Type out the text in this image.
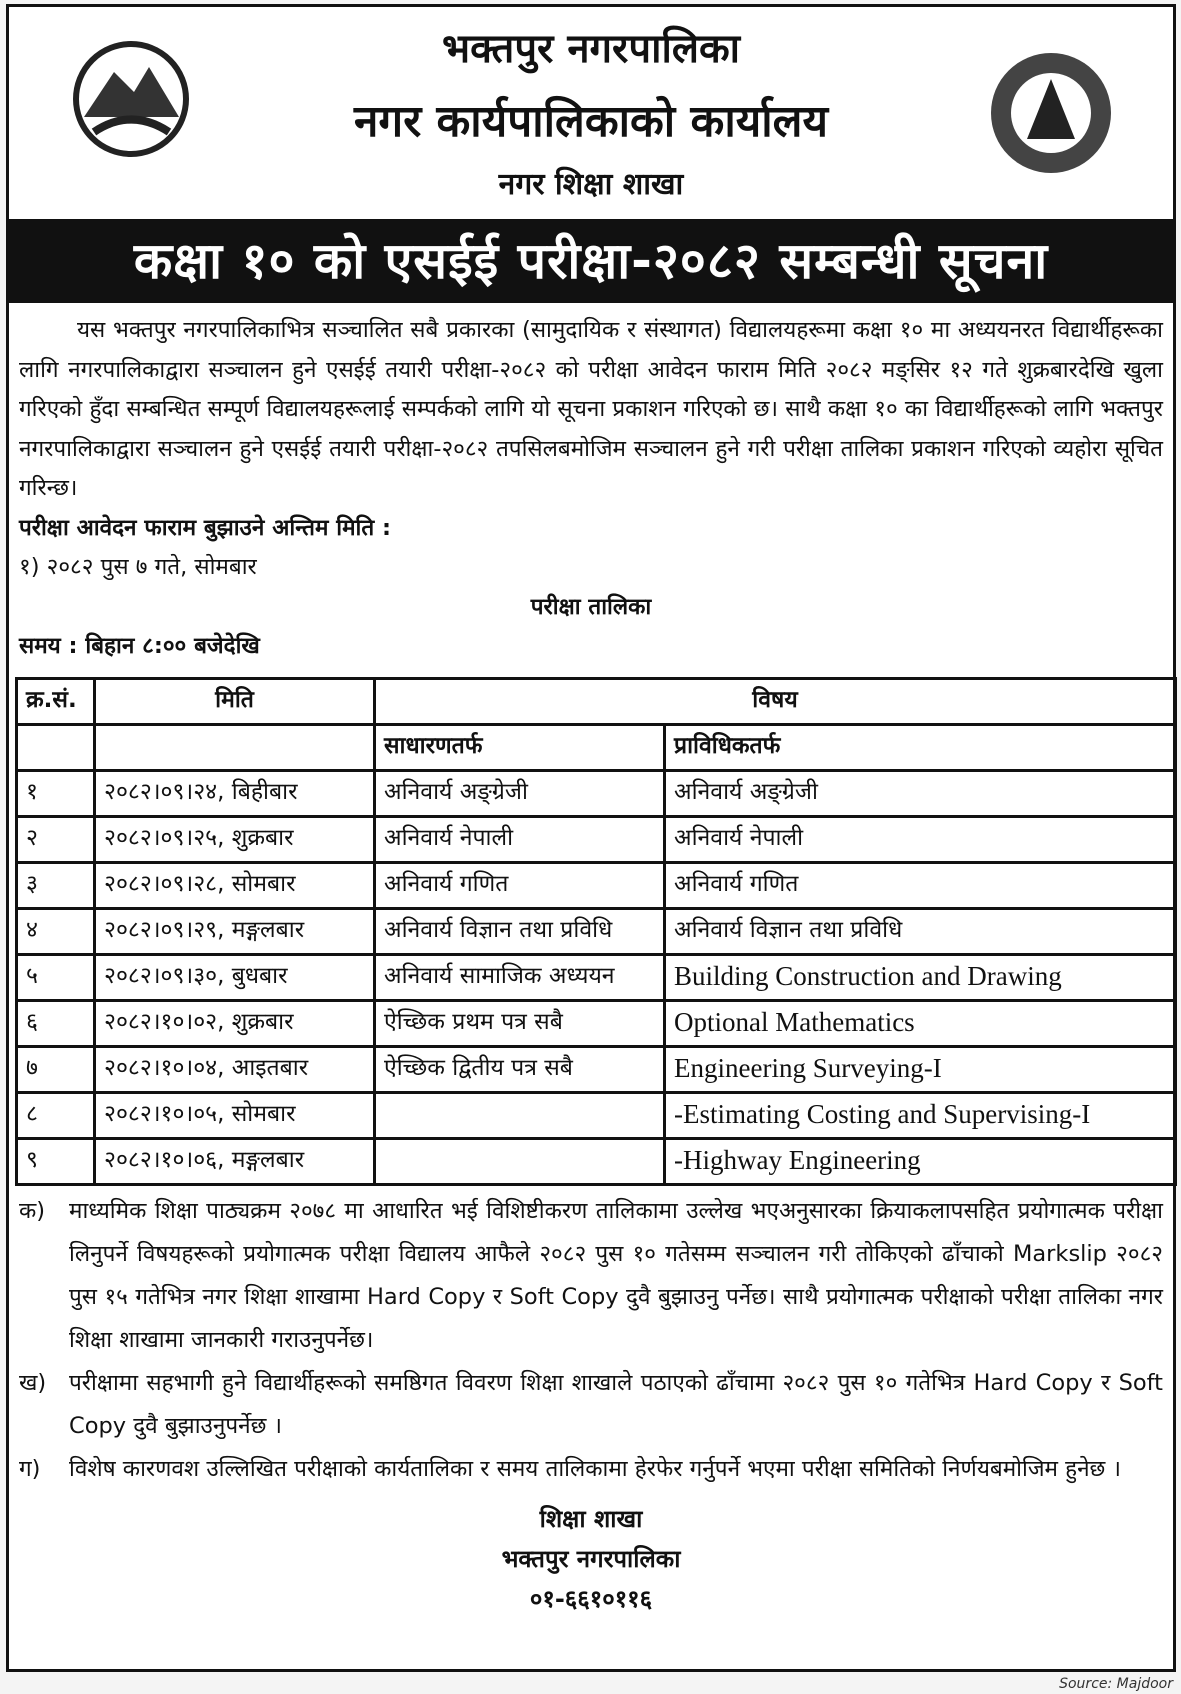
भक्तपुर नगरपालिका
नगर कार्यपालिकाको कार्यालय
नगर शिक्षा शाखा
कक्षा १० को एसईई परीक्षा-२०८२ सम्बन्धी सूचना

यस भक्तपुर नगरपालिकाभित्र सञ्चालित सबै प्रकारका (सामुदायिक र संस्थागत) विद्यालयहरूमा कक्षा १० मा अध्ययनरत विद्यार्थीहरूका लागि नगरपालिकाद्वारा सञ्चालन हुने एसईई तयारी परीक्षा-२०८२ को परीक्षा आवेदन फाराम मिति २०८२ मङ्सिर १२ गते शुक्रबारदेखि खुला गरिएको हुँदा सम्बन्धित सम्पूर्ण विद्यालयहरूलाई सम्पर्कको लागि यो सूचना प्रकाशन गरिएको छ। साथै कक्षा १० का विद्यार्थीहरूको लागि भक्तपुर नगरपालिकाद्वारा सञ्चालन हुने एसईई तयारी परीक्षा-२०८२ तपसिलबमोजिम सञ्चालन हुने गरी परीक्षा तालिका प्रकाशन गरिएको व्यहोरा सूचित गरिन्छ।

परीक्षा आवेदन फाराम बुझाउने अन्तिम मिति :

१) २०८२ पुस ७ गते, सोमबार

परीक्षा तालिका

समय : बिहान ८:०० बजेदेखि

क्र.सं.	मिति	विषय	
		साधारणतर्फ	प्राविधिकतर्फ
१	२०८२।०९।२४, बिहीबार	अनिवार्य अङ्ग्रेजी	अनिवार्य अङ्ग्रेजी
२	२०८२।०९।२५, शुक्रबार	अनिवार्य नेपाली	अनिवार्य नेपाली
३	२०८२।०९।२८, सोमबार	अनिवार्य गणित	अनिवार्य गणित
४	२०८२।०९।२९, मङ्गलबार	अनिवार्य विज्ञान तथा प्रविधि	अनिवार्य विज्ञान तथा प्रविधि
५	२०८२।०९।३०, बुधबार	अनिवार्य सामाजिक अध्ययन	Building Construction and Drawing
६	२०८२।१०।०२, शुक्रबार	ऐच्छिक प्रथम पत्र सबै	Optional Mathematics
७	२०८२।१०।०४, आइतबार	ऐच्छिक द्वितीय पत्र सबै	Engineering Surveying-I
८	२०८२।१०।०५, सोमबार		-Estimating Costing and Supervising-I
९	२०८२।१०।०६, मङ्गलबार		-Highway Engineering
क)	माध्यमिक शिक्षा पाठ्यक्रम २०७८ मा आधारित भई विशिष्टीकरण तालिकामा उल्लेख भएअनुसारका क्रियाकलापसहित प्रयोगात्मक परीक्षा लिनुपर्ने विषयहरूको प्रयोगात्मक परीक्षा विद्यालय आफैले २०८२ पुस १० गतेसम्म सञ्चालन गरी तोकिएको ढाँचाको Markslip २०८२ पुस १५ गतेभित्र नगर शिक्षा शाखामा Hard Copy र Soft Copy दुवै बुझाउनु पर्नेछ। साथै प्रयोगात्मक परीक्षाको परीक्षा तालिका नगर शिक्षा शाखामा जानकारी गराउनुपर्नेछ।
ख)	परीक्षामा सहभागी हुने विद्यार्थीहरूको समष्ठिगत विवरण शिक्षा शाखाले पठाएको ढाँचामा २०८२ पुस १० गतेभित्र Hard Copy र Soft Copy दुवै बुझाउनुपर्नेछ ।
ग)	विशेष कारणवश उल्लिखित परीक्षाको कार्यतालिका र समय तालिकामा हेरफेर गर्नुपर्ने भएमा परीक्षा समितिको निर्णयबमोजिम हुनेछ ।
शिक्षा शाखा
भक्तपुर नगरपालिका
०१-६६१०११६
Source: Majdoor
